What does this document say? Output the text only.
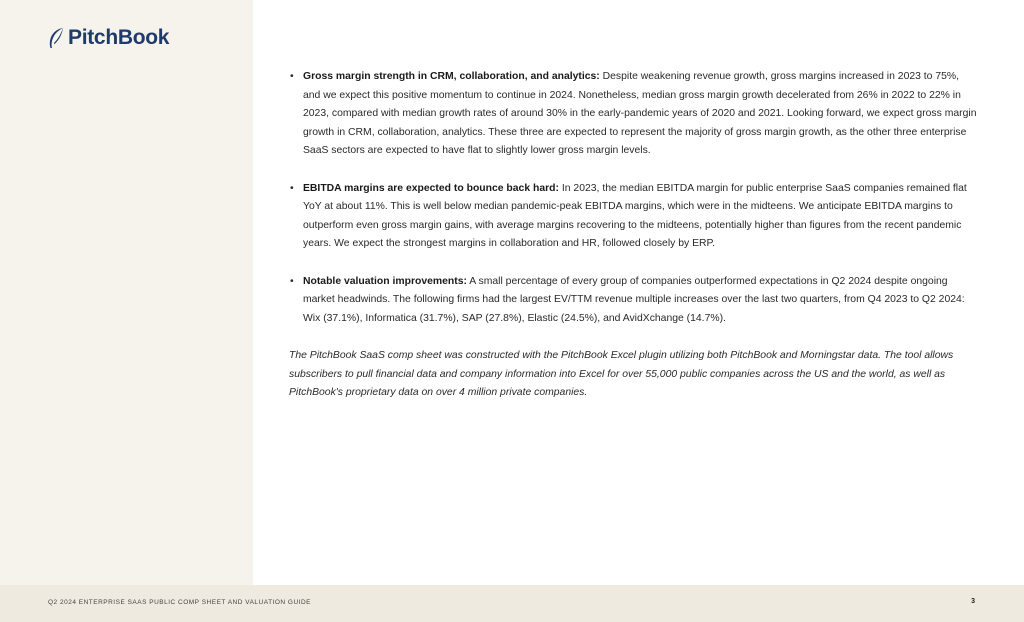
PitchBook
• Gross margin strength in CRM, collaboration, and analytics: Despite weakening revenue growth, gross margins increased in 2023 to 75%, and we expect this positive momentum to continue in 2024. Nonetheless, median gross margin growth decelerated from 26% in 2022 to 22% in 2023, compared with median growth rates of around 30% in the early-pandemic years of 2020 and 2021. Looking forward, we expect gross margin growth in CRM, collaboration, analytics. These three are expected to represent the majority of gross margin growth, as the other three enterprise SaaS sectors are expected to have flat to slightly lower gross margin levels.
• EBITDA margins are expected to bounce back hard: In 2023, the median EBITDA margin for public enterprise SaaS companies remained flat YoY at about 11%. This is well below median pandemic-peak EBITDA margins, which were in the midteens. We anticipate EBITDA margins to outperform even gross margin gains, with average margins recovering to the midteens, potentially higher than figures from the recent pandemic years. We expect the strongest margins in collaboration and HR, followed closely by ERP.
• Notable valuation improvements: A small percentage of every group of companies outperformed expectations in Q2 2024 despite ongoing market headwinds. The following firms had the largest EV/TTM revenue multiple increases over the last two quarters, from Q4 2023 to Q2 2024: Wix (37.1%), Informatica (31.7%), SAP (27.8%), Elastic (24.5%), and AvidXchange (14.7%).

The PitchBook SaaS comp sheet was constructed with the PitchBook Excel plugin utilizing both PitchBook and Morningstar data. The tool allows subscribers to pull financial data and company information into Excel for over 55,000 public companies across the US and the world, as well as PitchBook's proprietary data on over 4 million private companies.

Q2 2024 ENTERPRISE SAAS PUBLIC COMP SHEET AND VALUATION GUIDE	3
